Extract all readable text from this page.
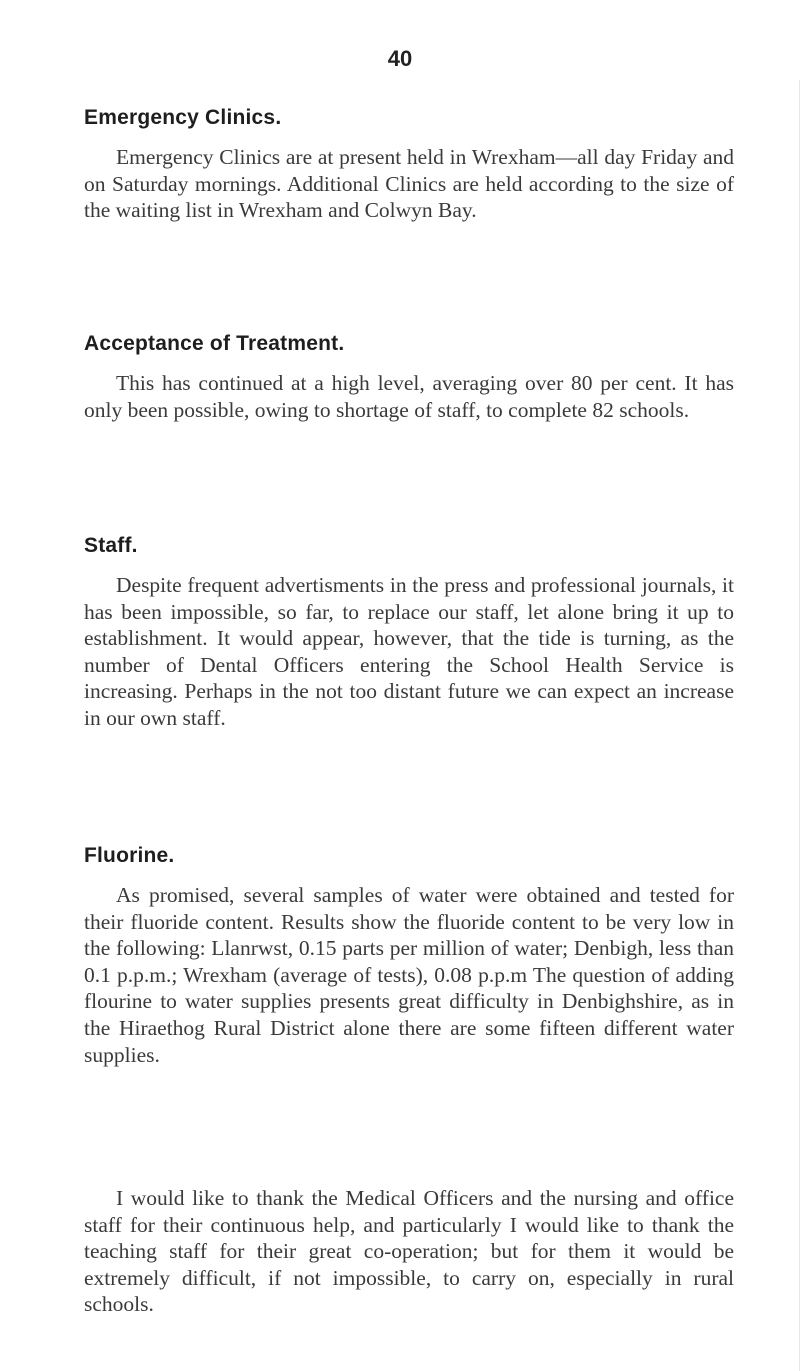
40
Emergency Clinics.

Emergency Clinics are at present held in Wrexham—all day Friday and on Saturday mornings. Additional Clinics are held according to the size of the waiting list in Wrexham and Colwyn Bay.

Acceptance of Treatment.

This has continued at a high level, averaging over 80 per cent. It has only been possible, owing to shortage of staff, to complete 82 schools.

Staff.

Despite frequent advertisments in the press and professional journals, it has been impossible, so far, to replace our staff, let alone bring it up to establishment. It would appear, however, that the tide is turning, as the number of Dental Officers entering the School Health Service is increasing. Perhaps in the not too distant future we can expect an increase in our own staff.

Fluorine.

As promised, several samples of water were obtained and tested for their fluoride content. Results show the fluoride content to be very low in the following: Llanrwst, 0.15 parts per million of water; Denbigh, less than 0.1 p.p.m.; Wrexham (average of tests), 0.08 p.p.m The question of adding flourine to water supplies presents great difficulty in Denbighshire, as in the Hiraethog Rural District alone there are some fifteen different water supplies.

I would like to thank the Medical Officers and the nursing and office staff for their continuous help, and particularly I would like to thank the teaching staff for their great co-operation; but for them it would be extremely difficult, if not impossible, to carry on, especially in rural schools.
